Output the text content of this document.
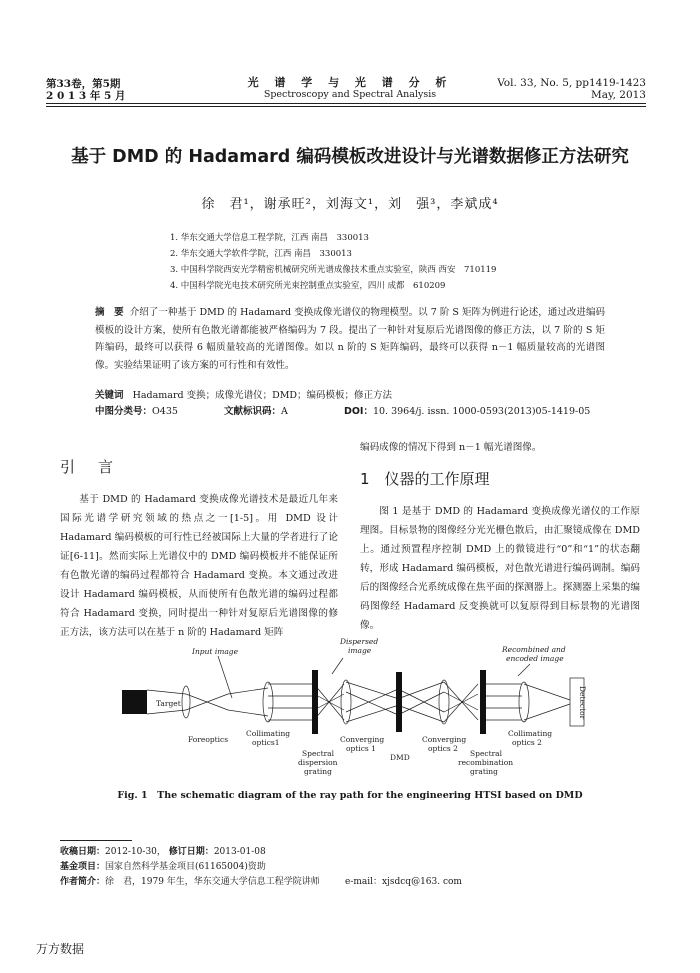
第33卷，第5期
2 0 1 3 年 5 月
光 谱 学 与 光 谱 分 析
Spectroscopy and Spectral Analysis
Vol. 33, No. 5, pp1419-1423
May, 2013
基于 DMD 的 Hadamard 编码模板改进设计与光谱数据修正方法研究
徐　君¹，谢承旺²，刘海文¹，刘　强³，李斌成⁴
1. 华东交通大学信息工程学院，江西 南昌　330013
2. 华东交通大学软件学院，江西 南昌　330013
3. 中国科学院西安光学精密机械研究所光谱成像技术重点实验室，陕西 西安　710119
4. 中国科学院光电技术研究所光束控制重点实验室，四川 成都　610209
摘　要 介绍了一种基于 DMD 的 Hadamard 变换成像光谱仪的物理模型。以 7 阶 S 矩阵为例进行论述，通过改进编码模板的设计方案，使所有色散光谱都能被严格编码为 7 段。提出了一种针对复原后光谱图像的修正方法，以 7 阶的 S 矩阵编码，最终可以获得 6 幅质量较高的光谱图像。如以 n 阶的 S 矩阵编码，最终可以获得 n－1 幅质量较高的光谱图像。实验结果证明了该方案的可行性和有效性。
关键词 Hadamard 变换；成像光谱仪；DMD；编码模板；修正方法
中图分类号：O435	文献标识码：A	DOI：10. 3964/j. issn. 1000-0593(2013)05-1419-05
引　言
基于 DMD 的 Hadamard 变换成像光谱技术是最近几年来国际光谱学研究领域的热点之一[1-5]。用 DMD 设计 Hadamard 编码模板的可行性已经被国际上大量的学者进行了论证[6-11]。然而实际上光谱仪中的 DMD 编码模板并不能保证所有色散光谱的编码过程都符合 Hadamard 变换。本文通过改进设计 Hadamard 编码模板，从而使所有色散光谱的编码过程都符合 Hadamard 变换，同时提出一种针对复原后光谱图像的修正方法，该方法可以在基于 n 阶的 Hadamard 矩阵
编码成像的情况下得到 n－1 幅光谱图像。
1　仪器的工作原理
图 1 是基于 DMD 的 Hadamard 变换成像光谱仪的工作原理图。目标景物的图像经分光光栅色散后，由汇聚镜成像在 DMD 上。通过预置程序控制 DMD 上的微镜进行“0”和“1”的状态翻转，形成 Hadamard 编码模板，对色散光谱进行编码调制。编码后的图像经合光系统成像在焦平面的探测器上。探测器上采集的编码图像经 Hadamard 反变换就可以复原得到目标景物的光谱图像。
Input image
Dispersed
image	Recombined and
encoded image
Detector
Target
Foreoptics
Collimating
optics1
Spectral
dispersion
grating
Converging
optics 1
DMD
Converging
optics 2
Spectral
recombination
grating
Collimating
optics 2
Fig. 1　The schematic diagram of the ray path for the engineering HTSI based on DMD
收稿日期：2012-10-30， 修订日期：2013-01-08
基金项目：国家自然科学基金项目(61165004)资助
作者简介：徐　君，1979 年生，华东交通大学信息工程学院讲师	e-mail：xjsdcq@163. com
万方数据
